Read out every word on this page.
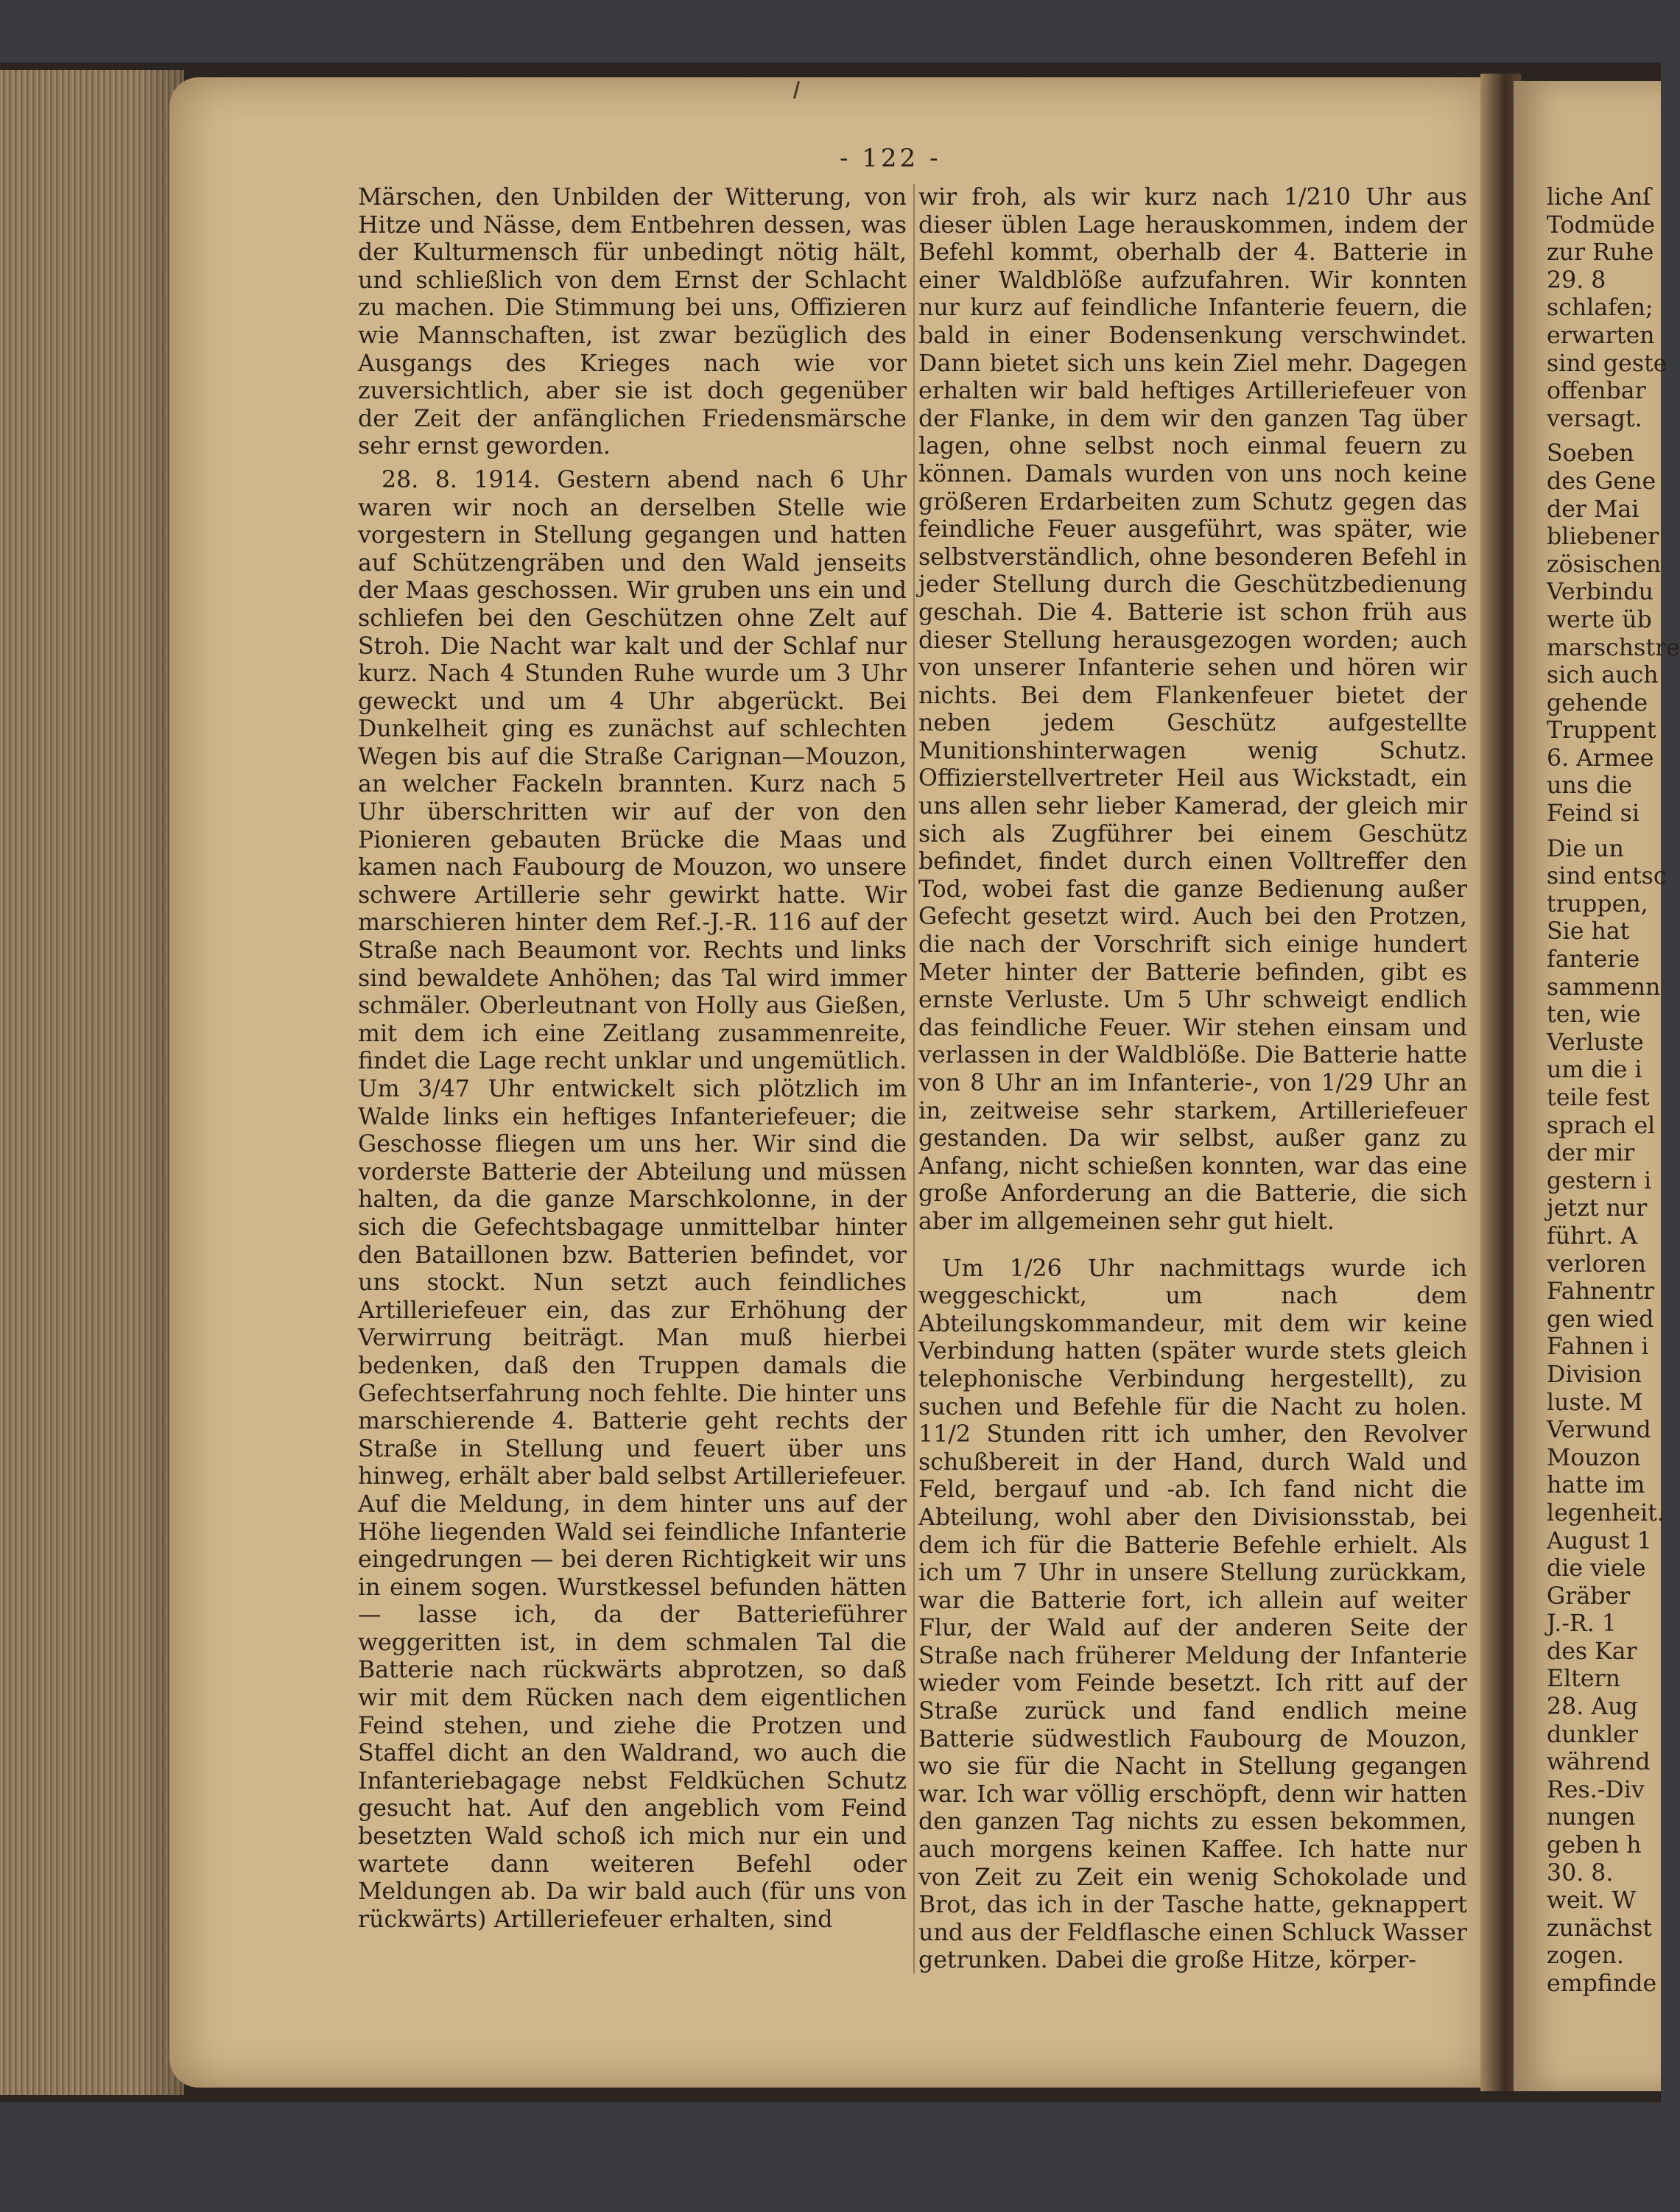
- 122 -

Märschen, den Unbilden der Witterung, von Hitze und Nässe, dem Entbehren dessen, was der Kulturmensch für unbedingt nötig hält, und schließlich von dem Ernst der Schlacht zu machen. Die Stimmung bei uns, Offizieren wie Mannschaften, ist zwar bezüglich des Ausgangs des Krieges nach wie vor zuversichtlich, aber sie ist doch gegenüber der Zeit der anfänglichen Friedensmärsche sehr ernst geworden.

28. 8. 1914. Gestern abend nach 6 Uhr waren wir noch an derselben Stelle wie vorgestern in Stellung gegangen und hatten auf Schützengräben und den Wald jenseits der Maas geschossen. Wir gruben uns ein und schliefen bei den Geschützen ohne Zelt auf Stroh. Die Nacht war kalt und der Schlaf nur kurz. Nach 4 Stunden Ruhe wurde um 3 Uhr geweckt und um 4 Uhr abgerückt. Bei Dunkelheit ging es zunächst auf schlechten Wegen bis auf die Straße Carignan—Mouzon, an welcher Fackeln brannten. Kurz nach 5 Uhr überschritten wir auf der von den Pionieren gebauten Brücke die Maas und kamen nach Faubourg de Mouzon, wo unsere schwere Artillerie sehr gewirkt hatte. Wir marschieren hinter dem Ref.-J.-R. 116 auf der Straße nach Beaumont vor. Rechts und links sind bewaldete Anhöhen; das Tal wird immer schmäler. Oberleutnant von Holly aus Gießen, mit dem ich eine Zeitlang zusammenreite, findet die Lage recht unklar und ungemütlich. Um 3/47 Uhr entwickelt sich plötzlich im Walde links ein heftiges Infanteriefeuer; die Geschosse fliegen um uns her. Wir sind die vorderste Batterie der Abteilung und müssen halten, da die ganze Marschkolonne, in der sich die Gefechtsbagage unmittelbar hinter den Bataillonen bzw. Batterien befindet, vor uns stockt. Nun setzt auch feindliches Artilleriefeuer ein, das zur Erhöhung der Verwirrung beiträgt. Man muß hierbei bedenken, daß den Truppen damals die Gefechtserfahrung noch fehlte. Die hinter uns marschierende 4. Batterie geht rechts der Straße in Stellung und feuert über uns hinweg, erhält aber bald selbst Artilleriefeuer. Auf die Meldung, in dem hinter uns auf der Höhe liegenden Wald sei feindliche Infanterie eingedrungen — bei deren Richtigkeit wir uns in einem sogen. Wurstkessel befunden hätten — lasse ich, da der Batterieführer weggeritten ist, in dem schmalen Tal die Batterie nach rückwärts abprotzen, so daß wir mit dem Rücken nach dem eigentlichen Feind stehen, und ziehe die Protzen und Staffel dicht an den Waldrand, wo auch die Infanteriebagage nebst Feldküchen Schutz gesucht hat. Auf den angeblich vom Feind besetzten Wald schoß ich mich nur ein und wartete dann weiteren Befehl oder Meldungen ab. Da wir bald auch (für uns von rückwärts) Artilleriefeuer erhalten, sind

wir froh, als wir kurz nach 1/210 Uhr aus dieser üblen Lage herauskommen, indem der Befehl kommt, oberhalb der 4. Batterie in einer Waldblöße aufzufahren. Wir konnten nur kurz auf feindliche Infanterie feuern, die bald in einer Bodensenkung verschwindet. Dann bietet sich uns kein Ziel mehr. Dagegen erhalten wir bald heftiges Artilleriefeuer von der Flanke, in dem wir den ganzen Tag über lagen, ohne selbst noch einmal feuern zu können. Damals wurden von uns noch keine größeren Erdarbeiten zum Schutz gegen das feindliche Feuer ausgeführt, was später, wie selbstverständlich, ohne besonderen Befehl in jeder Stellung durch die Geschützbedienung geschah. Die 4. Batterie ist schon früh aus dieser Stellung herausgezogen worden; auch von unserer Infanterie sehen und hören wir nichts. Bei dem Flankenfeuer bietet der neben jedem Geschütz aufgestellte Munitionshinterwagen wenig Schutz. Offizierstellvertreter Heil aus Wickstadt, ein uns allen sehr lieber Kamerad, der gleich mir sich als Zugführer bei einem Geschütz befindet, findet durch einen Volltreffer den Tod, wobei fast die ganze Bedienung außer Gefecht gesetzt wird. Auch bei den Protzen, die nach der Vorschrift sich einige hundert Meter hinter der Batterie befinden, gibt es ernste Verluste. Um 5 Uhr schweigt endlich das feindliche Feuer. Wir stehen einsam und verlassen in der Waldblöße. Die Batterie hatte von 8 Uhr an im Infanterie-, von 1/29 Uhr an in, zeitweise sehr starkem, Artilleriefeuer gestanden. Da wir selbst, außer ganz zu Anfang, nicht schießen konnten, war das eine große Anforderung an die Batterie, die sich aber im allgemeinen sehr gut hielt.

Um 1/26 Uhr nachmittags wurde ich weggeschickt, um nach dem Abteilungskommandeur, mit dem wir keine Verbindung hatten (später wurde stets gleich telephonische Verbindung hergestellt), zu suchen und Befehle für die Nacht zu holen. 11/2 Stunden ritt ich umher, den Revolver schußbereit in der Hand, durch Wald und Feld, bergauf und -ab. Ich fand nicht die Abteilung, wohl aber den Divisionsstab, bei dem ich für die Batterie Befehle erhielt. Als ich um 7 Uhr in unsere Stellung zurückkam, war die Batterie fort, ich allein auf weiter Flur, der Wald auf der anderen Seite der Straße nach früherer Meldung der Infanterie wieder vom Feinde besetzt. Ich ritt auf der Straße zurück und fand endlich meine Batterie südwestlich Faubourg de Mouzon, wo sie für die Nacht in Stellung gegangen war. Ich war völlig erschöpft, denn wir hatten den ganzen Tag nichts zu essen bekommen, auch morgens keinen Kaffee. Ich hatte nur von Zeit zu Zeit ein wenig Schokolade und Brot, das ich in der Tasche hatte, geknappert und aus der Feldflasche einen Schluck Wasser getrunken. Dabei die große Hitze, körper-

liche Anſ
Todmüde
zur Ruhe
29. 8
schlafen;
erwarten
sind geste
offenbar
versagt.
Soeben
des Gene
der Mai
bliebener
zösischen
Verbindu
werte üb
marschstre
sich auch
gehende
Truppent
6. Armee
uns die
Feind si
Die un
sind entsc
truppen,
Sie hat
fanterie
sammenn
ten, wie
Verluste
um die i
teile fest
sprach el
der mir
gestern i
jetzt nur
führt. A
verloren
Fahnentr
gen wied
Fahnen i
Division
luste. M
Verwund
Mouzon
hatte im
legenheit.
August 1
die viele
Gräber
J.-R. 1
des Kar
Eltern
28. Aug
dunkler
während
Res.-Div
nungen
geben h
30. 8.
weit. W
zunächst
zogen.
empfinde
